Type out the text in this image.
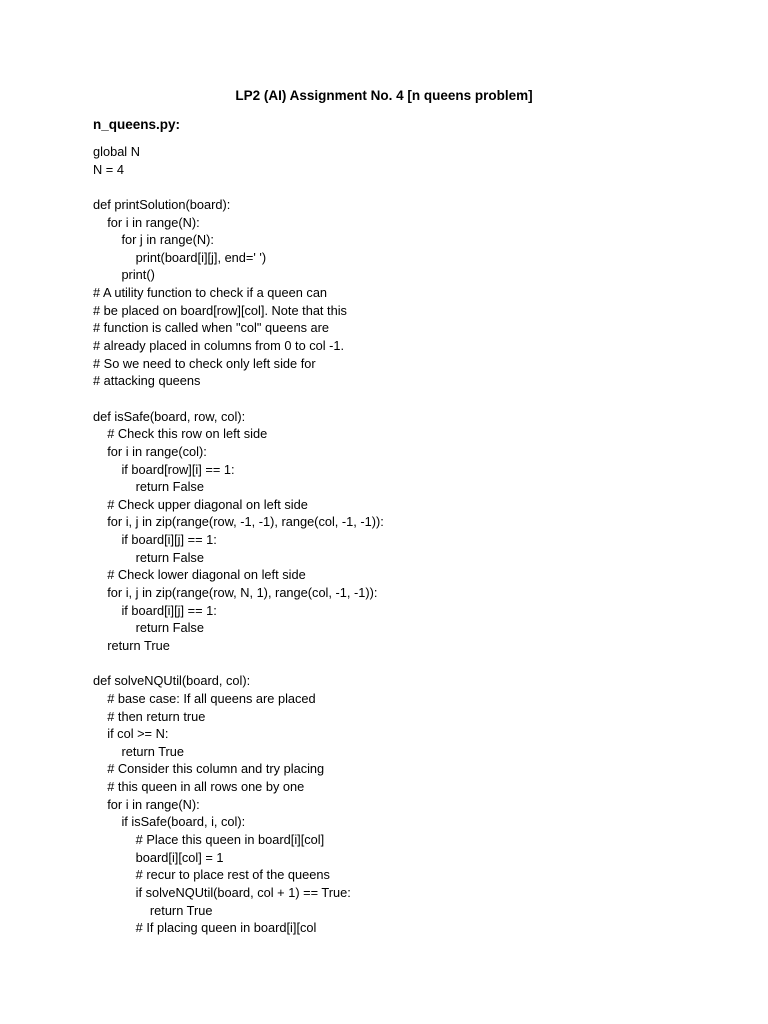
LP2 (AI) Assignment No. 4 [n queens problem]
n_queens.py:
global N
N = 4
def printSolution(board):
for i in range(N):
for j in range(N):
print(board[i][j], end=' ')
print()
# A utility function to check if a queen can
# be placed on board[row][col]. Note that this
# function is called when "col" queens are
# already placed in columns from 0 to col -1.
# So we need to check only left side for
# attacking queens
def isSafe(board, row, col):
# Check this row on left side
for i in range(col):
if board[row][i] == 1:
return False
# Check upper diagonal on left side
for i, j in zip(range(row, -1, -1), range(col, -1, -1)):
if board[i][j] == 1:
return False
# Check lower diagonal on left side
for i, j in zip(range(row, N, 1), range(col, -1, -1)):
if board[i][j] == 1:
return False
return True
def solveNQUtil(board, col):
# base case: If all queens are placed
# then return true
if col >= N:
return True
# Consider this column and try placing
# this queen in all rows one by one
for i in range(N):
if isSafe(board, i, col):
# Place this queen in board[i][col]
board[i][col] = 1
# recur to place rest of the queens
if solveNQUtil(board, col + 1) == True:
return True
# If placing queen in board[i][col
